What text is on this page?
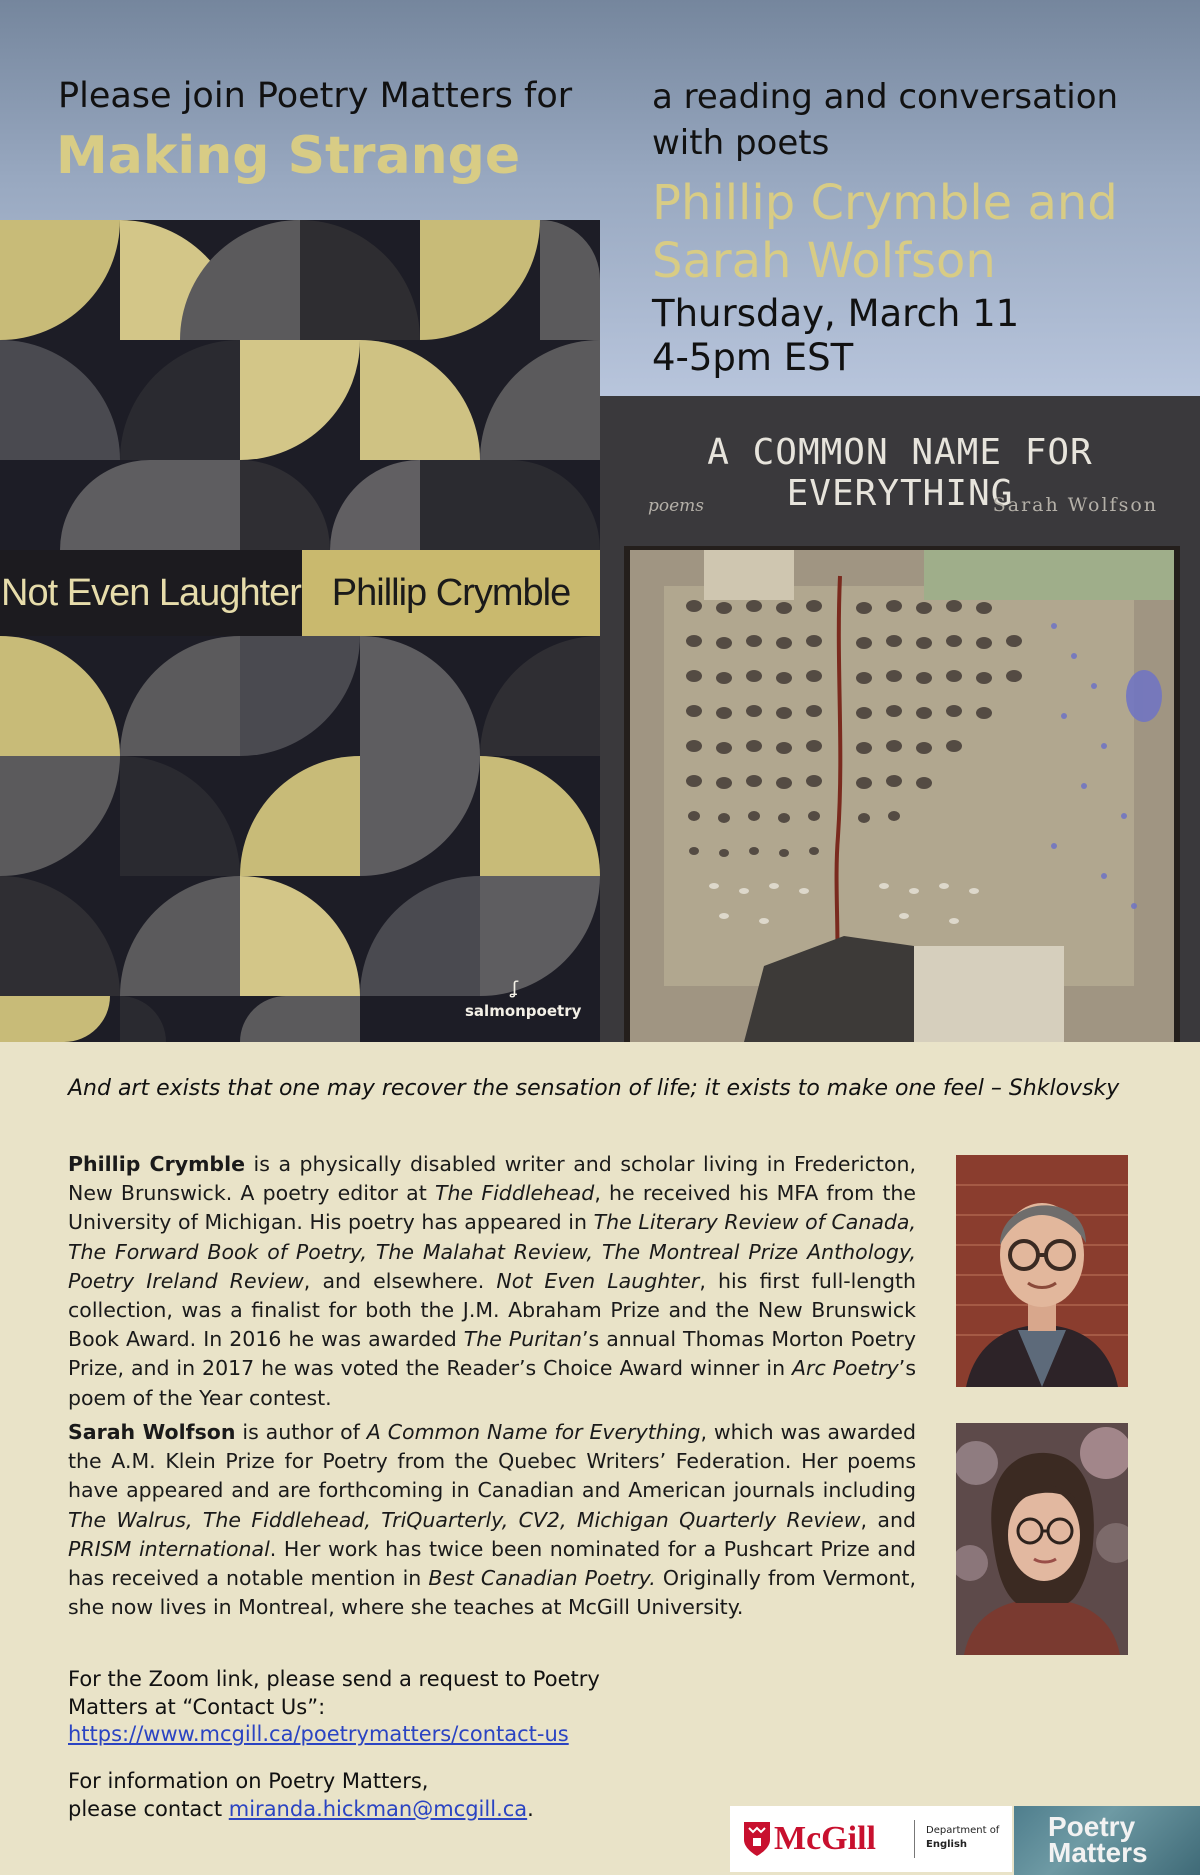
Please join Poetry Matters for
Making Strange
a reading and conversation
with poets
Phillip Crymble and
Sarah Wolfson
Thursday, March 11
4-5pm EST
Not Even Laughter Phillip Crymble
ʆ
salmonpoetry
A COMMON NAME FOR EVERYTHING
poems	Sarah Wolfson
And art exists that one may recover the sensation of life; it exists to make one feel – Shklovsky
Phillip Crymble is a physically disabled writer and scholar living in Fredericton, New Brunswick. A poetry editor at The Fiddlehead, he received his MFA from the University of Michigan. His poetry has appeared in The Literary Review of Canada, The Forward Book of Poetry, The Malahat Review, The Montreal Prize Anthology, Poetry Ireland Review, and elsewhere. Not Even Laughter, his first full-length collection, was a finalist for both the J.M. Abraham Prize and the New Brunswick Book Award. In 2016 he was awarded The Puritan’s annual Thomas Morton Poetry Prize, and in 2017 he was voted the Reader’s Choice Award winner in Arc Poetry’s poem of the Year contest.
Sarah Wolfson is author of A Common Name for Everything, which was awarded the A.M. Klein Prize for Poetry from the Quebec Writers’ Federation. Her poems have appeared and are forthcoming in Canadian and American journals including The Walrus, The Fiddlehead, TriQuarterly, CV2, Michigan Quarterly Review, and PRISM international. Her work has twice been nominated for a Pushcart Prize and has received a notable mention in Best Canadian Poetry. Originally from Vermont, she now lives in Montreal, where she teaches at McGill University.
For the Zoom link, please send a request to Poetry
Matters at “Contact Us”:
https://www.mcgill.ca/poetrymatters/contact-us
For information on Poetry Matters,
please contact miranda.hickman@mcgill.ca.
McGill	Department of
English
Poetry
Matters
